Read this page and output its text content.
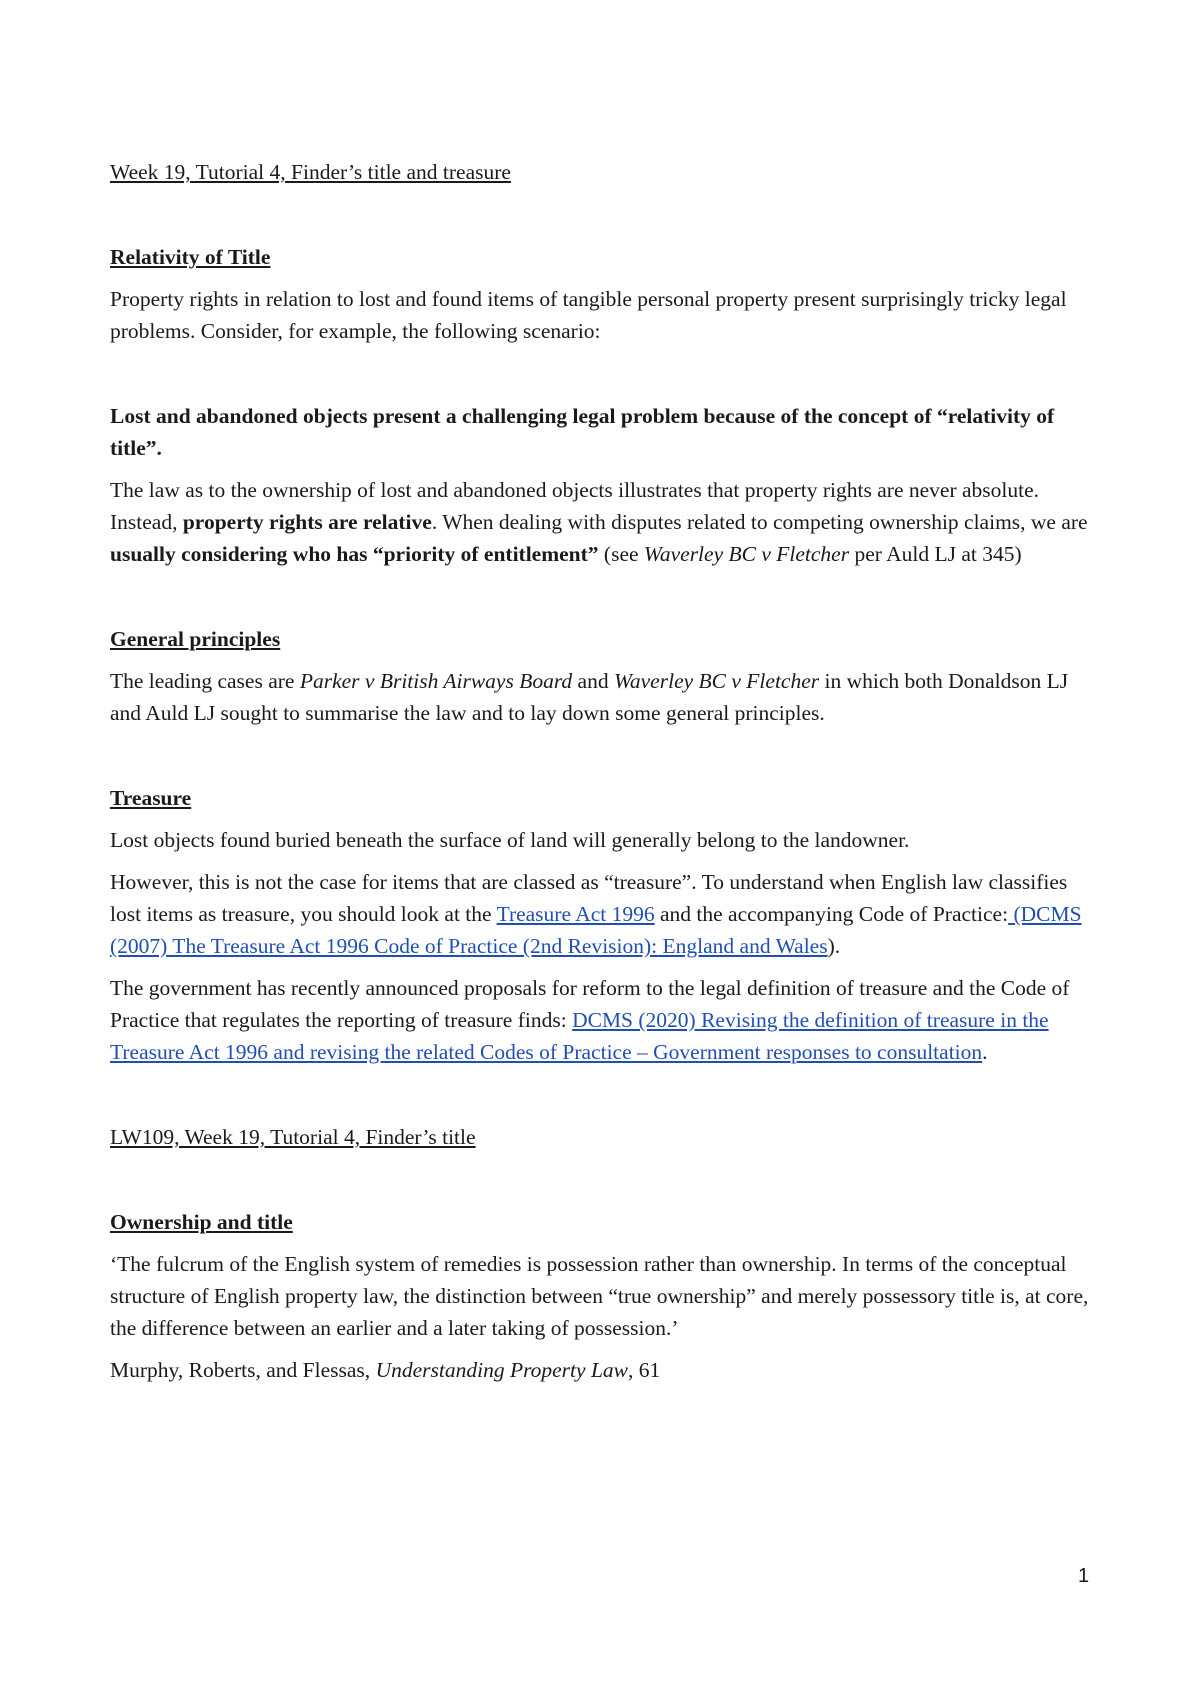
Week 19, Tutorial 4, Finder’s title and treasure

Relativity of Title

Property rights in relation to lost and found items of tangible personal property present surprisingly tricky legal problems. Consider, for example, the following scenario:

Lost and abandoned objects present a challenging legal problem because of the concept of “relativity of title”.

The law as to the ownership of lost and abandoned objects illustrates that property rights are never absolute. Instead, property rights are relative. When dealing with disputes related to competing ownership claims, we are usually considering who has “priority of entitlement” (see Waverley BC v Fletcher per Auld LJ at 345)

General principles

The leading cases are Parker v British Airways Board and Waverley BC v Fletcher in which both Donaldson LJ and Auld LJ sought to summarise the law and to lay down some general principles.

Treasure

Lost objects found buried beneath the surface of land will generally belong to the landowner.

However, this is not the case for items that are classed as “treasure”. To understand when English law classifies lost items as treasure, you should look at the Treasure Act 1996 and the accompanying Code of Practice: (DCMS (2007) The Treasure Act 1996 Code of Practice (2nd Revision): England and Wales).

The government has recently announced proposals for reform to the legal definition of treasure and the Code of Practice that regulates the reporting of treasure finds: DCMS (2020) Revising the definition of treasure in the Treasure Act 1996 and revising the related Codes of Practice – Government responses to consultation.

LW109, Week 19, Tutorial 4, Finder’s title

Ownership and title

‘The fulcrum of the English system of remedies is possession rather than ownership. In terms of the conceptual structure of English property law, the distinction between “true ownership” and merely possessory title is, at core, the difference between an earlier and a later taking of possession.’

Murphy, Roberts, and Flessas, Understanding Property Law, 61

1
